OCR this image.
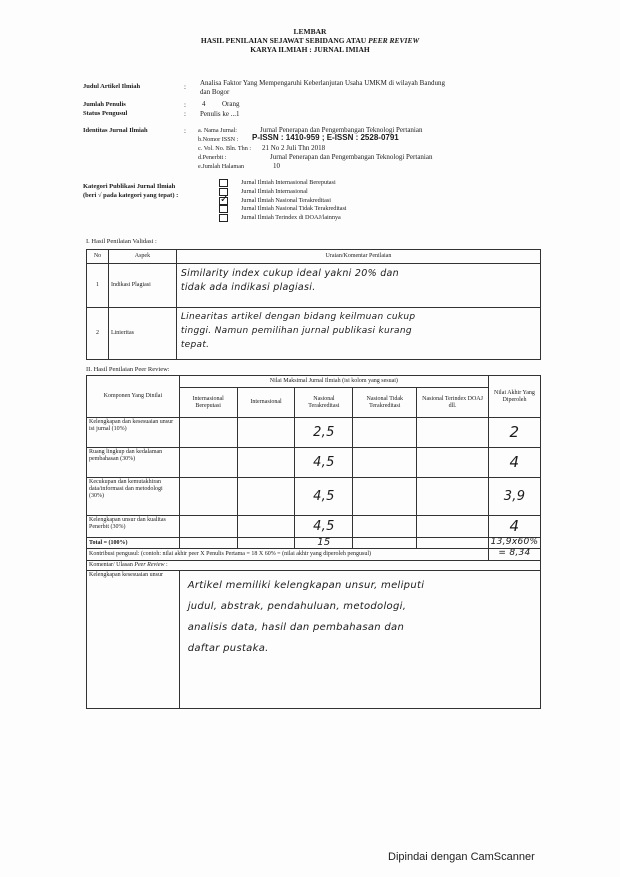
LEMBAR
HASIL PENILAIAN SEJAWAT SEBIDANG ATAU PEER REVIEW
KARYA ILMIAH : JURNAL IMIAH
Judul Artikel Ilmiah	: Analisa Faktor Yang Mempengaruhi Keberlanjutan Usaha UMKM di wilayah Bandung
dan Bogor
Jumlah Penulis	: 4 Orang
Status Pengusul	: Penulis ke ...1
Identitas Jurnal Ilmiah	: a. Nama Jurnal:	Jurnal Penerapan dan Pengembangan Teknologi Pertanian
b.Nomor ISSN : P-ISSN : 1410-959 ; E-ISSN : 2528-0791
c. Vol. No. Bln. Thn : 21 No 2 Juli Thn 2018
d.Penerbit :	Jurnal Penerapan dan Pengembangan Teknologi Pertanian
e.Jumlah Halaman	10
Kategori Publikasi Jurnal Ilmiah
(beri √ pada kategori yang tepat) :
Jurnal Ilmiah Internasional Bereputasi
Jurnal Ilmiah Internasional
✓ Jurnal Ilmiah Nasional Terakreditasi
Jurnal Ilmiah Nasional Tidak Terakreditasi
Jurnal Ilmiah Terindex di DOAJ/lainnya
I. Hasil Penilaian Validasi :
No	Aspek	Uraian/Komentar Penilaian
1	Indikasi Plagiasi	Similarity index cukup ideal yakni 20% dan
tidak ada indikasi plagiasi.

2	Linieritas	Linearitas artikel dengan bidang keilmuan cukup
tinggi. Namun pemilihan jurnal publikasi kurang
tepat.
II. Hasil Penilaian Peer Review:
Komponen Yang Dinilai	Nilai Maksimal Jurnal Ilmiah (isi kolom yang sesuai)					Nilai Akhir Yang Diperoleh
	Internasional Bereputasi	Internasional	Nasional Terakreditasi	Nasional Tidak Terakreditasi	Nasional Terindex DOAJ dll.	
Kelengkapan dan kesesuaian unsur isi jurnal (10%)			2,5			2
Ruang lingkup dan kedalaman pembahasan (30%)			4,5			4
Kecukupan dan kemutakhiran data/informasi dan metodologi (30%)			4,5			3,9
Kelengkapan unsur dan kualitas Penerbit (30%)			4,5			4
Total = (100%)			15			13,9x60%
Kontribusi pengusul: (contoh: nilai akhir peer X Penulis Pertama = 18 X 60% = (nilai akhir yang diperoleh pengusul)						= 8,34
Komentar/ Ulasan Peer Review :						
Kelengkapan kesesuaian unsur	Artikel memiliki kelengkapan unsur, meliputi
judul, abstrak, pendahuluan, metodologi,
analisis data, hasil dan pembahasan dan
daftar pustaka.					
Dipindai dengan CamScanner
